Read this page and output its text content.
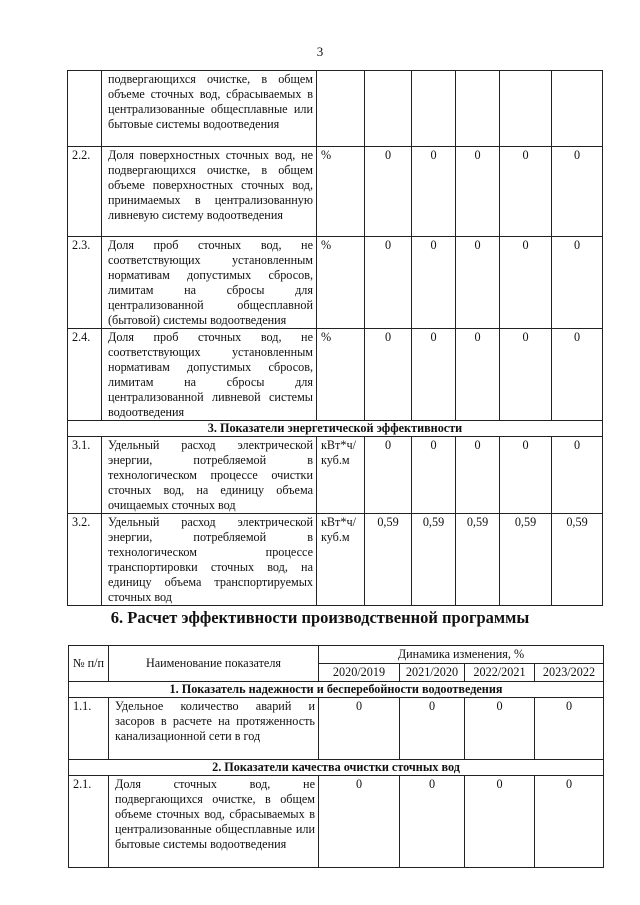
3
	подвергающихся очистке, в общем объеме сточных вод, сбрасываемых в централизованные общесплавные или бытовые системы водоотведения						
2.2.	Доля поверхностных сточных вод, не подвергающихся очистке, в общем объеме поверхностных сточных вод, принимаемых в централизованную ливневую систему водоотведения	%	0	0	0	0	0
2.3.	Доля проб сточных вод, не соответствующих установленным нормативам допустимых сбросов, лимитам на сбросы для централизованной общесплавной (бытовой) системы водоотведения	%	0	0	0	0	0
2.4.	Доля проб сточных вод, не соответствующих установленным нормативам допустимых сбросов, лимитам на сбросы для централизованной ливневой системы водоотведения	%	0	0	0	0	0
3. Показатели энергетической эффективности							
3.1.	Удельный расход электрической энергии, потребляемой в технологическом процессе очистки сточных вод, на единицу объема очищаемых сточных вод	кВт*ч/ куб.м	0	0	0	0	0
3.2.	Удельный расход электрической энергии, потребляемой в технологическом процессе транспортировки сточных вод, на единицу объема транспортируемых сточных вод	кВт*ч/ куб.м	0,59	0,59	0,59	0,59	0,59
6. Расчет эффективности производственной программы
№ п/п	Наименование показателя	Динамика изменения, %			
		2020/2019	2021/2020	2022/2021	2023/2022
1. Показатель надежности и бесперебойности водоотведения					
1.1.	Удельное количество аварий и засоров в расчете на протяженность канализационной сети в год	0	0	0	0
2. Показатели качества очистки сточных вод					
2.1.	Доля сточных вод, не подвергающихся очистке, в общем объеме сточных вод, сбрасываемых в централизованные общесплавные или бытовые системы водоотведения	0	0	0	0
